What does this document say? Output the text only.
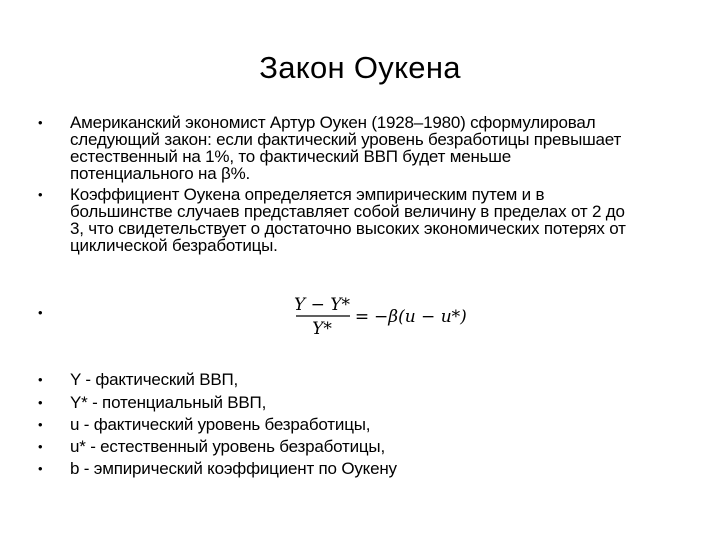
Закон Оукена
•	Американский экономист Артур Оукен (1928–1980) сформулировал
следующий закон: если фактический уровень безработицы превышает
естественный на 1%, то фактический ВВП будет меньше
потенциального на β%.
•	Коэффициент Оукена определяется эмпирическим путем и в
большинстве случаев представляет собой величину в пределах от 2 до
3, что свидетельствует о достаточно высоких экономических потерях от
циклической безработицы.
•	Y − Y*
Y*
= −β(u − u*)
•	Y - фактический ВВП,
•	Y* - потенциальный ВВП,
•	u - фактический уровень безработицы,
•	u* - естественный уровень безработицы,
•	b - эмпирический коэффициент по Оукену
